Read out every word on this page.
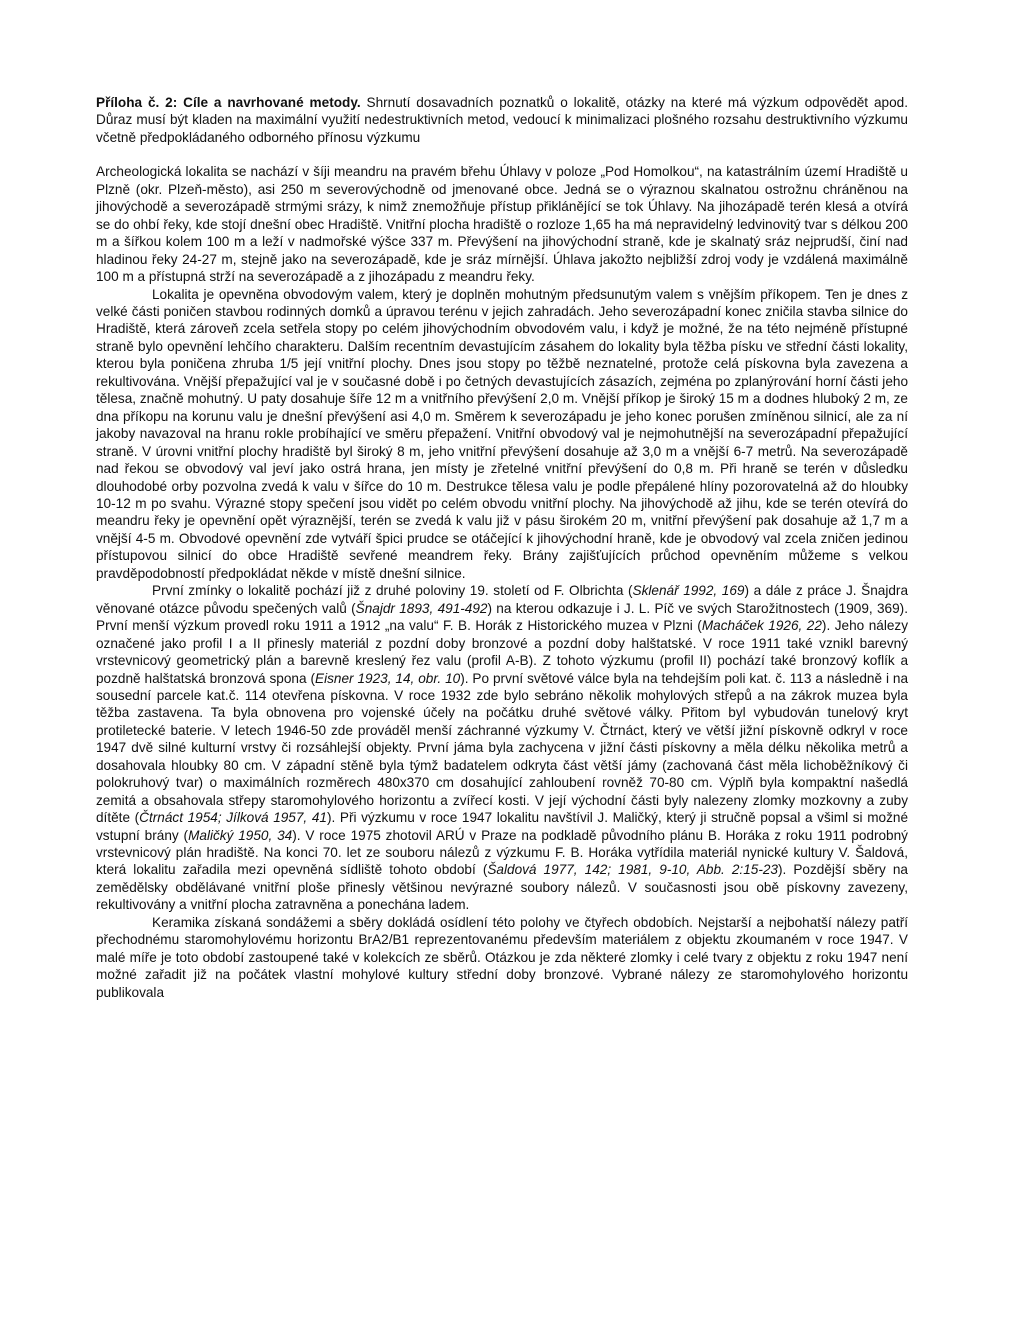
Příloha č. 2: Cíle a navrhované metody. Shrnutí dosavadních poznatků o lokalitě, otázky na které má výzkum odpovědět apod. Důraz musí být kladen na maximální využití nedestruktivních metod, vedoucí k minimalizaci plošného rozsahu destruktivního výzkumu včetně předpokládaného odborného přínosu výzkumu

Archeologická lokalita se nachází v šíji meandru na pravém břehu Úhlavy v poloze „Pod Homolkou“, na katastrálním území Hradiště u Plzně (okr. Plzeň-město), asi 250 m severovýchodně od jmenované obce. Jedná se o výraznou skalnatou ostrožnu chráněnou na jihovýchodě a severozápadě strmými srázy, k nimž znemožňuje přístup přiklánějící se tok Úhlavy. Na jihozápadě terén klesá a otvírá se do ohbí řeky, kde stojí dnešní obec Hradiště. Vnitřní plocha hradiště o rozloze 1,65 ha má nepravidelný ledvinovitý tvar s délkou 200 m a šířkou kolem 100 m a leží v nadmořské výšce 337 m. Převýšení na jihovýchodní straně, kde je skalnatý sráz nejprudší, činí nad hladinou řeky 24-27 m, stejně jako na severozápadě, kde je sráz mírnější. Úhlava jakožto nejbližší zdroj vody je vzdálená maximálně 100 m a přístupná strží na severozápadě a z jihozápadu z meandru řeky.

Lokalita je opevněna obvodovým valem, který je doplněn mohutným předsunutým valem s vnějším příkopem. Ten je dnes z velké části poničen stavbou rodinných domků a úpravou terénu v jejich zahradách. Jeho severozápadní konec zničila stavba silnice do Hradiště, která zároveň zcela setřela stopy po celém jihovýchodním obvodovém valu, i když je možné, že na této nejméně přístupné straně bylo opevnění lehčího charakteru. Dalším recentním devastujícím zásahem do lokality byla těžba písku ve střední části lokality, kterou byla poničena zhruba 1/5 její vnitřní plochy. Dnes jsou stopy po těžbě neznatelné, protože celá pískovna byla zavezena a rekultivována. Vnější přepažující val je v současné době i po četných devastujících zásazích, zejména po zplanýrování horní části jeho tělesa, značně mohutný. U paty dosahuje šíře 12 m a vnitřního převýšení 2,0 m. Vnější příkop je široký 15 m a dodnes hluboký 2 m, ze dna příkopu na korunu valu je dnešní převýšení asi 4,0 m. Směrem k severozápadu je jeho konec porušen zmíněnou silnicí, ale za ní jakoby navazoval na hranu rokle probíhající ve směru přepažení. Vnitřní obvodový val je nejmohutnější na severozápadní přepažující straně. V úrovni vnitřní plochy hradiště byl široký 8 m, jeho vnitřní převýšení dosahuje až 3,0 m a vnější 6-7 metrů. Na severozápadě nad řekou se obvodový val jeví jako ostrá hrana, jen místy je zřetelné vnitřní převýšení do 0,8 m. Při hraně se terén v důsledku dlouhodobé orby pozvolna zvedá k valu v šířce do 10 m. Destrukce tělesa valu je podle přepálené hlíny pozorovatelná až do hloubky 10-12 m po svahu. Výrazné stopy spečení jsou vidět po celém obvodu vnitřní plochy. Na jihovýchodě až jihu, kde se terén otevírá do meandru řeky je opevnění opět výraznější, terén se zvedá k valu již v pásu širokém 20 m, vnitřní převýšení pak dosahuje až 1,7 m a vnější 4-5 m. Obvodové opevnění zde vytváří špici prudce se otáčející k jihovýchodní hraně, kde je obvodový val zcela zničen jedinou přístupovou silnicí do obce Hradiště sevřené meandrem řeky. Brány zajišťujících průchod opevněním můžeme s velkou pravděpodobností předpokládat někde v místě dnešní silnice.

První zmínky o lokalitě pochází již z druhé poloviny 19. století od F. Olbrichta (Sklenář 1992, 169) a dále z práce J. Šnajdra věnované otázce původu spečených valů (Šnajdr 1893, 491-492) na kterou odkazuje i J. L. Píč ve svých Starožitnostech (1909, 369). První menší výzkum provedl roku 1911 a 1912 „na valu“ F. B. Horák z Historického muzea v Plzni (Macháček 1926, 22). Jeho nálezy označené jako profil I a II přinesly materiál z pozdní doby bronzové a pozdní doby halštatské. V roce 1911 také vznikl barevný vrstevnicový geometrický plán a barevně kreslený řez valu (profil A-B). Z tohoto výzkumu (profil II) pochází také bronzový koflík a pozdně halštatská bronzová spona (Eisner 1923, 14, obr. 10). Po první světové válce byla na tehdejším poli kat. č. 113 a následně i na sousední parcele kat.č. 114 otevřena pískovna. V roce 1932 zde bylo sebráno několik mohylových střepů a na zákrok muzea byla těžba zastavena. Ta byla obnovena pro vojenské účely na počátku druhé světové války. Přitom byl vybudován tunelový kryt protiletecké baterie. V letech 1946-50 zde prováděl menší záchranné výzkumy V. Čtrnáct, který ve větší jižní pískovně odkryl v roce 1947 dvě silné kulturní vrstvy či rozsáhlejší objekty. První jáma byla zachycena v jižní části pískovny a měla délku několika metrů a dosahovala hloubky 80 cm. V západní stěně byla týmž badatelem odkryta část větší jámy (zachovaná část měla lichoběžníkový či polokruhový tvar) o maximálních rozměrech 480x370 cm dosahující zahloubení rovněž 70-80 cm. Výplň byla kompaktní našedlá zemitá a obsahovala střepy staromohylového horizontu a zvířecí kosti. V její východní části byly nalezeny zlomky mozkovny a zuby dítěte (Čtrnáct 1954; Jílková 1957, 41). Při výzkumu v roce 1947 lokalitu navštívil J. Maličký, který ji stručně popsal a všiml si možné vstupní brány (Maličký 1950, 34). V roce 1975 zhotovil ARÚ v Praze na podkladě původního plánu B. Horáka z roku 1911 podrobný vrstevnicový plán hradiště. Na konci 70. let ze souboru nálezů z výzkumu F. B. Horáka vytřídila materiál nynické kultury V. Šaldová, která lokalitu zařadila mezi opevněná sídliště tohoto období (Šaldová 1977, 142; 1981, 9-10, Abb. 2:15-23). Pozdější sběry na zemědělsky obdělávané vnitřní ploše přinesly většinou nevýrazné soubory nálezů. V současnosti jsou obě pískovny zavezeny, rekultivovány a vnitřní plocha zatravněna a ponechána ladem.

Keramika získaná sondážemi a sběry dokládá osídlení této polohy ve čtyřech obdobích. Nejstarší a nejbohatší nálezy patří přechodnému staromohylovému horizontu BrA2/B1 reprezentovanému především materiálem z objektu zkoumaném v roce 1947. V malé míře je toto období zastoupené také v kolekcích ze sběrů. Otázkou je zda některé zlomky i celé tvary z objektu z roku 1947 není možné zařadit již na počátek vlastní mohylové kultury střední doby bronzové. Vybrané nálezy ze staromohylového horizontu publikovala
